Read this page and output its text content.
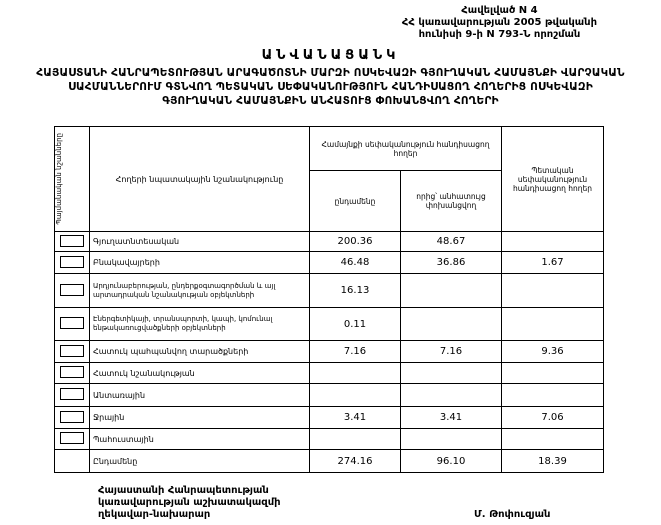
Հավելված N 4
ՀՀ կառավարության 2005 թվականի
հունիսի 9-ի N 793-Ն որոշման
ԱՆՎԱՆԱՑԱՆԿ
ՀԱՅԱՍՏԱՆԻ ՀԱՆՐԱՊԵՏՈՒԹՅԱՆ ԱՐԱԳԱԾՈՏՆԻ ՄԱՐԶԻ ՈՍԿԵՎԱԶԻ ԳՅՈՒՂԱԿԱՆ ՀԱՄԱՅՆՔԻ ՎԱՐՉԱԿԱՆ
ՍԱՀՄԱՆՆԵՐՈՒՄ ԳՏՆՎՈՂ ՊԵՏԱԿԱՆ ՍԵՓԱԿԱՆՈՒԹՅՈՒՆ ՀԱՆԴԻՍԱՑՈՂ ՀՈՂԵՐԻՑ ՈՍԿԵՎԱԶԻ
ԳՅՈՒՂԱԿԱՆ ՀԱՄԱՅՆՔԻՆ ԱՆՀԱՏՈՒՑ ՓՈԽԱՆՑՎՈՂ ՀՈՂԵՐԻ
Պայմանական նշանները	Հողերի նպատակային նշանակությունը	Համայնքի սեփականություն հանդիսացող հողեր		Պետական սեփականություն հանդիսացող հողեր
		ընդամենը	որից՝ անհատույց փոխանցվող	
	Գյուղատնտեսական	200.36	48.67	
	Բնակավայրերի	46.48	36.86	1.67
	Արդյունաբերության, ընդերքօգտագործման և այլ արտադրական նշանակության օբյեկտների	16.13		
	Էներգետիկայի, տրանսպորտի, կապի, կոմունալ ենթակառուցվածքների օբյեկտների	0.11		
	Հատուկ պահպանվող տարածքների	7.16	7.16	9.36
	Հատուկ նշանակության			
	Անտառային			
	Ջրային	3.41	3.41	7.06
	Պահուստային			
	Ընդամենը	274.16	96.10	18.39
Հայաստանի Հանրապետության
կառավարության աշխատակազմի
ղեկավար-նախարար	Մ. Թոփուզյան
